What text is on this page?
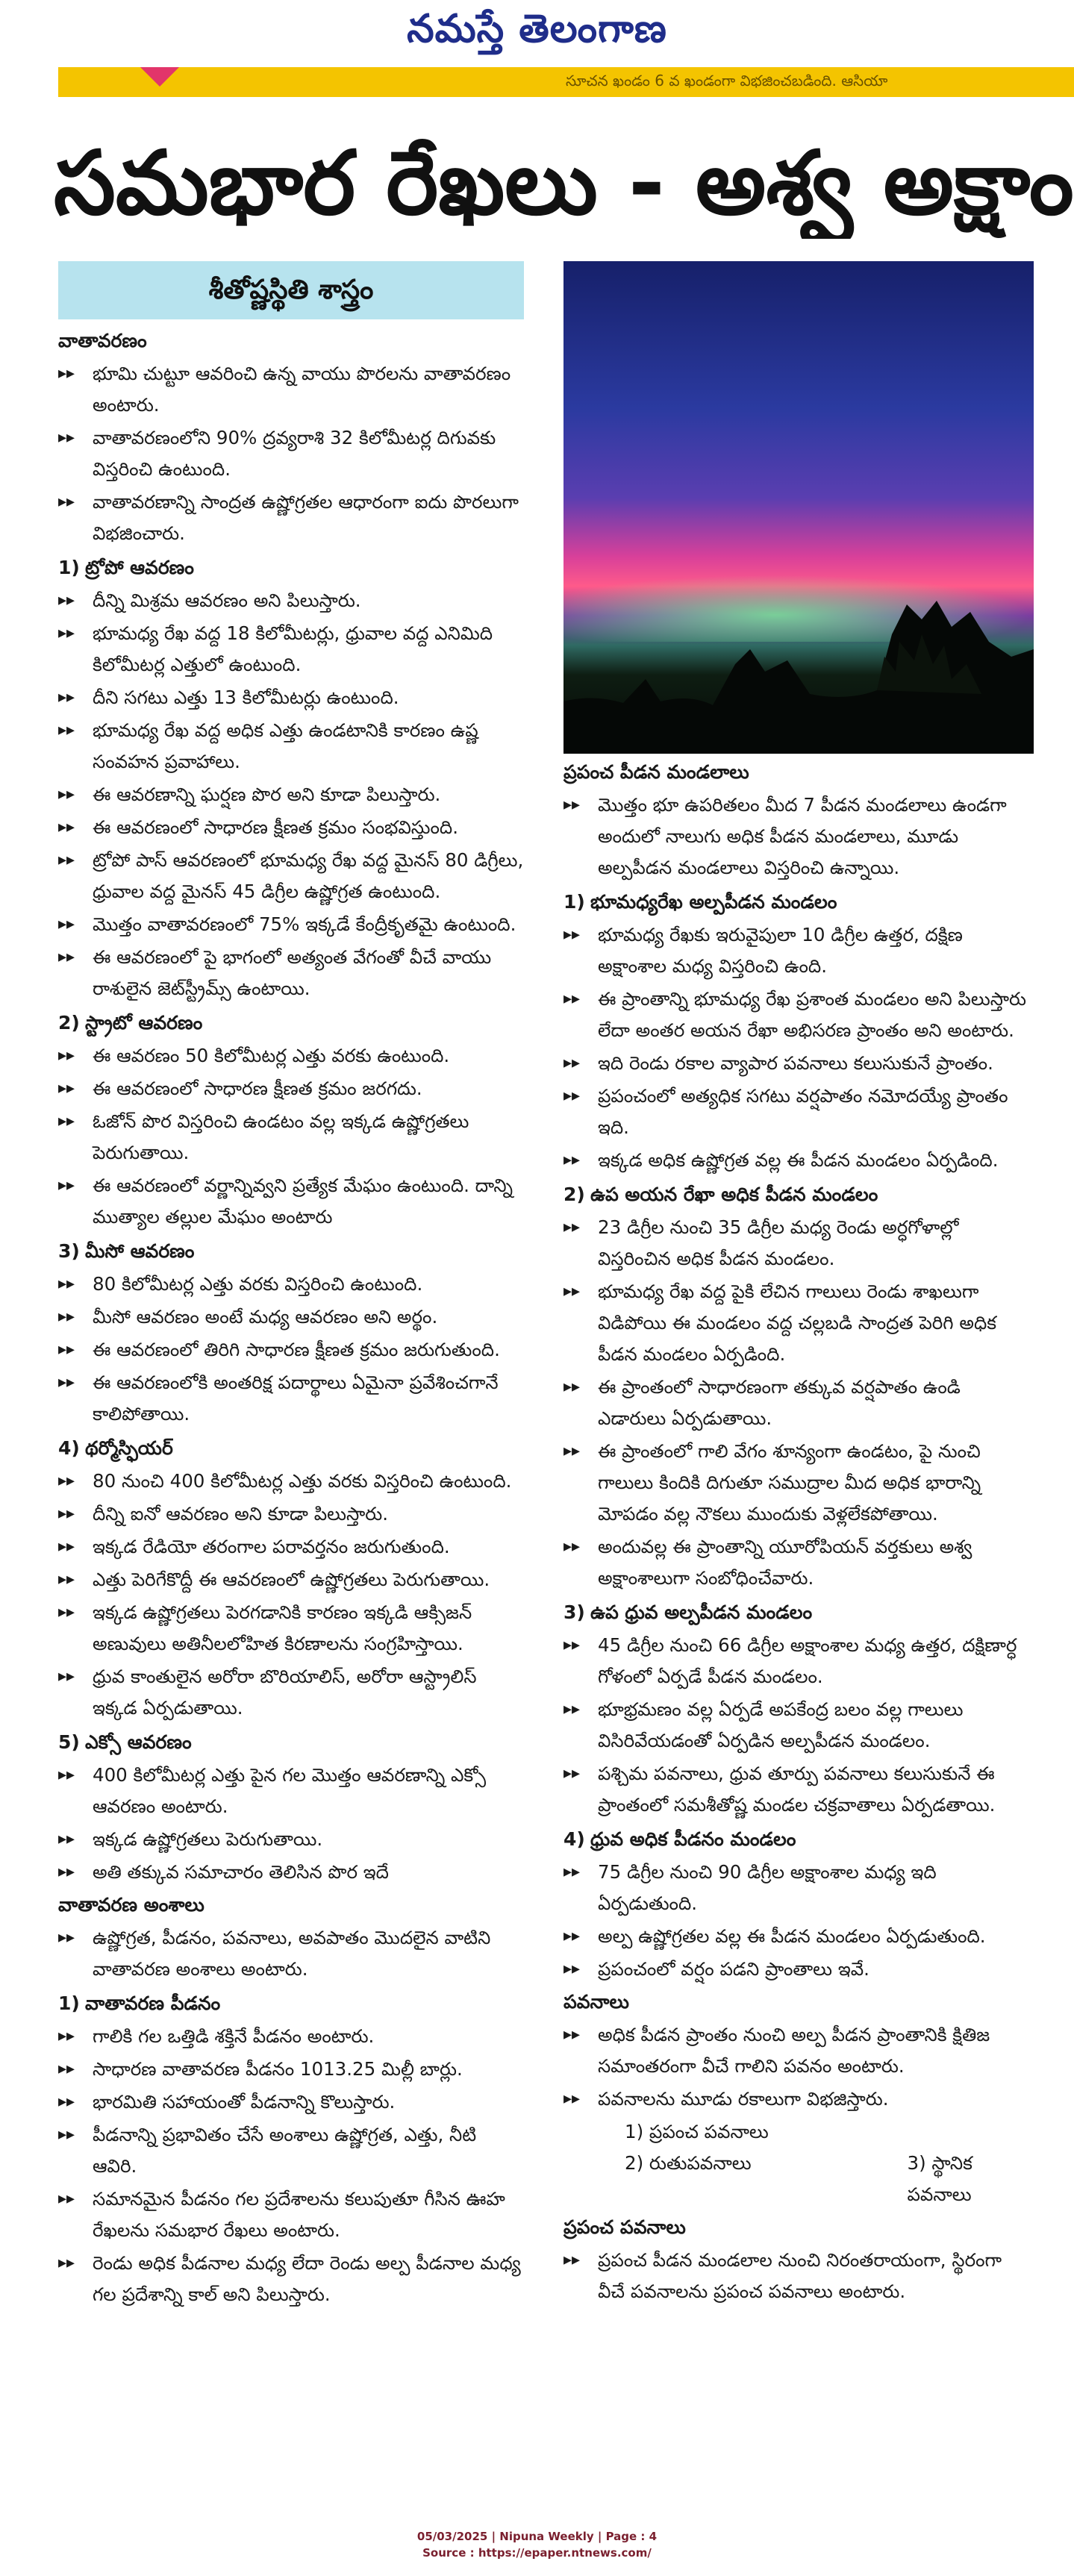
నమస్తే తెలంగాణ
సూచన ఖండం 6 వ ఖండంగా విభజించబడింది. ఆసియా
సమభార రేఖలు - అశ్వ అక్షాం
శీతోష్ణస్థితి శాస్త్రం
వాతావరణం
▸▸ భూమి చుట్టూ ఆవరించి ఉన్న వాయు పొరలను వాతావరణం అంటారు.
▸▸ వాతావరణంలోని 90% ద్రవ్యరాశి 32 కిలోమీటర్ల దిగువకు విస్తరించి ఉంటుంది.
▸▸ వాతావరణాన్ని సాంద్రత ఉష్ణోగ్రతల ఆధారంగా ఐదు పొరలుగా విభజించారు.
1) ట్రోపో ఆవరణం
▸▸ దీన్ని మిశ్రమ ఆవరణం అని పిలుస్తారు.
▸▸ భూమధ్య రేఖ వద్ద 18 కిలోమీటర్లు, ధ్రువాల వద్ద ఎనిమిది కిలోమీటర్ల ఎత్తులో ఉంటుంది.
▸▸ దీని సగటు ఎత్తు 13 కిలోమీటర్లు ఉంటుంది.
▸▸ భూమధ్య రేఖ వద్ద అధిక ఎత్తు ఉండటానికి కారణం ఉష్ణ సంవహన ప్రవాహాలు.
▸▸ ఈ ఆవరణాన్ని ఘర్షణ పొర అని కూడా పిలుస్తారు.
▸▸ ఈ ఆవరణంలో సాధారణ క్షీణత క్రమం సంభవిస్తుంది.
▸▸ ట్రోపో పాస్ ఆవరణంలో భూమధ్య రేఖ వద్ద మైనస్ 80 డిగ్రీలు, ధ్రువాల వద్ద మైనస్ 45 డిగ్రీల ఉష్ణోగ్రత ఉంటుంది.
▸▸ మొత్తం వాతావరణంలో 75% ఇక్కడే కేంద్రీకృతమై ఉంటుంది.
▸▸ ఈ ఆవరణంలో పై భాగంలో అత్యంత వేగంతో వీచే వాయు రాశులైన జెట్‌స్ట్రీమ్స్ ఉంటాయి.
2) స్ట్రాటో ఆవరణం
▸▸ ఈ ఆవరణం 50 కిలోమీటర్ల ఎత్తు వరకు ఉంటుంది.
▸▸ ఈ ఆవరణంలో సాధారణ క్షీణత క్రమం జరగదు.
▸▸ ఓజోన్ పొర విస్తరించి ఉండటం వల్ల ఇక్కడ ఉష్ణోగ్రతలు పెరుగుతాయి.
▸▸ ఈ ఆవరణంలో వర్ణాన్నివ్వని ప్రత్యేక మేఘం ఉంటుంది. దాన్ని ముత్యాల తల్లుల మేఘం అంటారు
3) మీసో ఆవరణం
▸▸ 80 కిలోమీటర్ల ఎత్తు వరకు విస్తరించి ఉంటుంది.
▸▸ మీసో ఆవరణం అంటే మధ్య ఆవరణం అని అర్థం.
▸▸ ఈ ఆవరణంలో తిరిగి సాధారణ క్షీణత క్రమం జరుగుతుంది.
▸▸ ఈ ఆవరణంలోకి అంతరిక్ష పదార్థాలు ఏమైనా ప్రవేశించగానే కాలిపోతాయి.
4) థర్మోస్ఫియర్
▸▸ 80 నుంచి 400 కిలోమీటర్ల ఎత్తు వరకు విస్తరించి ఉంటుంది.
▸▸ దీన్ని ఐనో ఆవరణం అని కూడా పిలుస్తారు.
▸▸ ఇక్కడ రేడియో తరంగాల పరావర్తనం జరుగుతుంది.
▸▸ ఎత్తు పెరిగేకొద్దీ ఈ ఆవరణంలో ఉష్ణోగ్రతలు పెరుగుతాయి.
▸▸ ఇక్కడ ఉష్ణోగ్రతలు పెరగడానికి కారణం ఇక్కడి ఆక్సిజన్ అణువులు అతినీలలోహిత కిరణాలను సంగ్రహిస్తాయి.
▸▸ ధ్రువ కాంతులైన అరోరా బొరియాలిస్, అరోరా ఆస్ట్రాలిస్ ఇక్కడ ఏర్పడుతాయి.
5) ఎక్సో ఆవరణం
▸▸ 400 కిలోమీటర్ల ఎత్తు పైన గల మొత్తం ఆవరణాన్ని ఎక్సో ఆవరణం అంటారు.
▸▸ ఇక్కడ ఉష్ణోగ్రతలు పెరుగుతాయి.
▸▸ అతి తక్కువ సమాచారం తెలిసిన పొర ఇదే
వాతావరణ అంశాలు
▸▸ ఉష్ణోగ్రత, పీడనం, పవనాలు, అవపాతం మొదలైన వాటిని వాతావరణ అంశాలు అంటారు.
1) వాతావరణ పీడనం
▸▸ గాలికి గల ఒత్తిడి శక్తినే పీడనం అంటారు.
▸▸ సాధారణ వాతావరణ పీడనం 1013.25 మిల్లీ బార్లు.
▸▸ భారమితి సహాయంతో పీడనాన్ని కొలుస్తారు.
▸▸ పీడనాన్ని ప్రభావితం చేసే అంశాలు ఉష్ణోగ్రత, ఎత్తు, నీటి ఆవిరి.
▸▸ సమానమైన పీడనం గల ప్రదేశాలను కలుపుతూ గీసిన ఊహ రేఖలను సమభార రేఖలు అంటారు.
▸▸ రెండు అధిక పీడనాల మధ్య లేదా రెండు అల్ప పీడనాల మధ్య గల ప్రదేశాన్ని కాల్ అని పిలుస్తారు.
ప్రపంచ పీడన మండలాలు
▸▸ మొత్తం భూ ఉపరితలం మీద 7 పీడన మండలాలు ఉండగా అందులో నాలుగు అధిక పీడన మండలాలు, మూడు అల్పపీడన మండలాలు విస్తరించి ఉన్నాయి.
1) భూమధ్యరేఖ అల్పపీడన మండలం
▸▸ భూమధ్య రేఖకు ఇరువైపులా 10 డిగ్రీల ఉత్తర, దక్షిణ అక్షాంశాల మధ్య విస్తరించి ఉంది.
▸▸ ఈ ప్రాంతాన్ని భూమధ్య రేఖ ప్రశాంత మండలం అని పిలుస్తారు లేదా అంతర అయన రేఖా అభిసరణ ప్రాంతం అని అంటారు.
▸▸ ఇది రెండు రకాల వ్యాపార పవనాలు కలుసుకునే ప్రాంతం.
▸▸ ప్రపంచంలో అత్యధిక సగటు వర్షపాతం నమోదయ్యే ప్రాంతం ఇది.
▸▸ ఇక్కడ అధిక ఉష్ణోగ్రత వల్ల ఈ పీడన మండలం ఏర్పడింది.
2) ఉప అయన రేఖా అధిక పీడన మండలం
▸▸ 23 డిగ్రీల నుంచి 35 డిగ్రీల మధ్య రెండు అర్ధగోళాల్లో విస్తరించిన అధిక పీడన మండలం.
▸▸ భూమధ్య రేఖ వద్ద పైకి లేచిన గాలులు రెండు శాఖలుగా విడిపోయి ఈ మండలం వద్ద చల్లబడి సాంద్రత పెరిగి అధిక పీడన మండలం ఏర్పడింది.
▸▸ ఈ ప్రాంతంలో సాధారణంగా తక్కువ వర్షపాతం ఉండి ఎడారులు ఏర్పడుతాయి.
▸▸ ఈ ప్రాంతంలో గాలి వేగం శూన్యంగా ఉండటం, పై నుంచి గాలులు కిందికి దిగుతూ సముద్రాల మీద అధిక భారాన్ని మోపడం వల్ల నౌకలు ముందుకు వెళ్లలేకపోతాయి.
▸▸ అందువల్ల ఈ ప్రాంతాన్ని యూరోపియన్ వర్తకులు అశ్వ అక్షాంశాలుగా సంబోధించేవారు.
3) ఉప ధ్రువ అల్పపీడన మండలం
▸▸ 45 డిగ్రీల నుంచి 66 డిగ్రీల అక్షాంశాల మధ్య ఉత్తర, దక్షిణార్ధ గోళంలో ఏర్పడే పీడన మండలం.
▸▸ భూభ్రమణం వల్ల ఏర్పడే అపకేంద్ర బలం వల్ల గాలులు విసిరివేయడంతో ఏర్పడిన అల్పపీడన మండలం.
▸▸ పశ్చిమ పవనాలు, ధ్రువ తూర్పు పవనాలు కలుసుకునే ఈ ప్రాంతంలో సమశీతోష్ణ మండల చక్రవాతాలు ఏర్పడతాయి.
4) ధ్రువ అధిక పీడనం మండలం
▸▸ 75 డిగ్రీల నుంచి 90 డిగ్రీల అక్షాంశాల మధ్య ఇది ఏర్పడుతుంది.
▸▸ అల్ప ఉష్ణోగ్రతల వల్ల ఈ పీడన మండలం ఏర్పడుతుంది.
▸▸ ప్రపంచంలో వర్షం పడని ప్రాంతాలు ఇవే.
పవనాలు
▸▸ అధిక పీడన ప్రాంతం నుంచి అల్ప పీడన ప్రాంతానికి క్షితిజ సమాంతరంగా వీచే గాలిని పవనం అంటారు.
▸▸ పవనాలను మూడు రకాలుగా విభజిస్తారు.
1) ప్రపంచ పవనాలు
2) రుతుపవనాలు	3) స్థానిక పవనాలు
ప్రపంచ పవనాలు
▸▸ ప్రపంచ పీడన మండలాల నుంచి నిరంతరాయంగా, స్థిరంగా వీచే పవనాలను ప్రపంచ పవనాలు అంటారు.
05/03/2025 | Nipuna Weekly | Page : 4
Source : https://epaper.ntnews.com/
